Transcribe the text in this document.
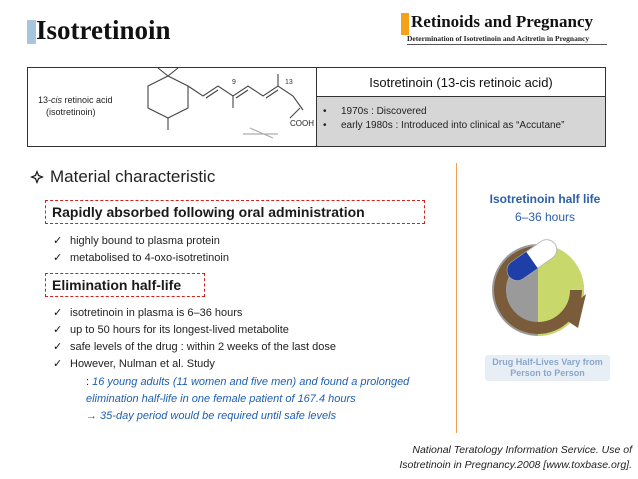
Isotretinoin	Retinoids and Pregnancy
Determination of Isotretinoin and Acitretin in Pregnancy
13-cis retinoic acid
(isotretinoin)
9	13
COOH
Isotretinoin (13-cis retinoic acid)
•	1970s : Discovered
•	early 1980s : Introduced into clinical as “Accutane”
Material characteristic
Rapidly absorbed following oral administration
✓ highly bound to plasma protein
✓ metabolised to 4-oxo-isotretinoin
Elimination half-life
✓ isotretinoin in plasma is 6–36 hours
✓ up to 50 hours for its longest-lived metabolite
✓ safe levels of the drug : within 2 weeks of the last dose
✓ However, Nulman et al. Study
: 16 young adults (11 women and five men) and found a prolonged elimination half-life in one female patient of 167.4 hours
→ 35-day period would be required until safe levels
Isotretinoin half life
6–36 hours
Drug Half-Lives Vary from
Person to Person
National Teratology Information Service. Use of Isotretinoin in Pregnancy.2008 [www.toxbase.org].
